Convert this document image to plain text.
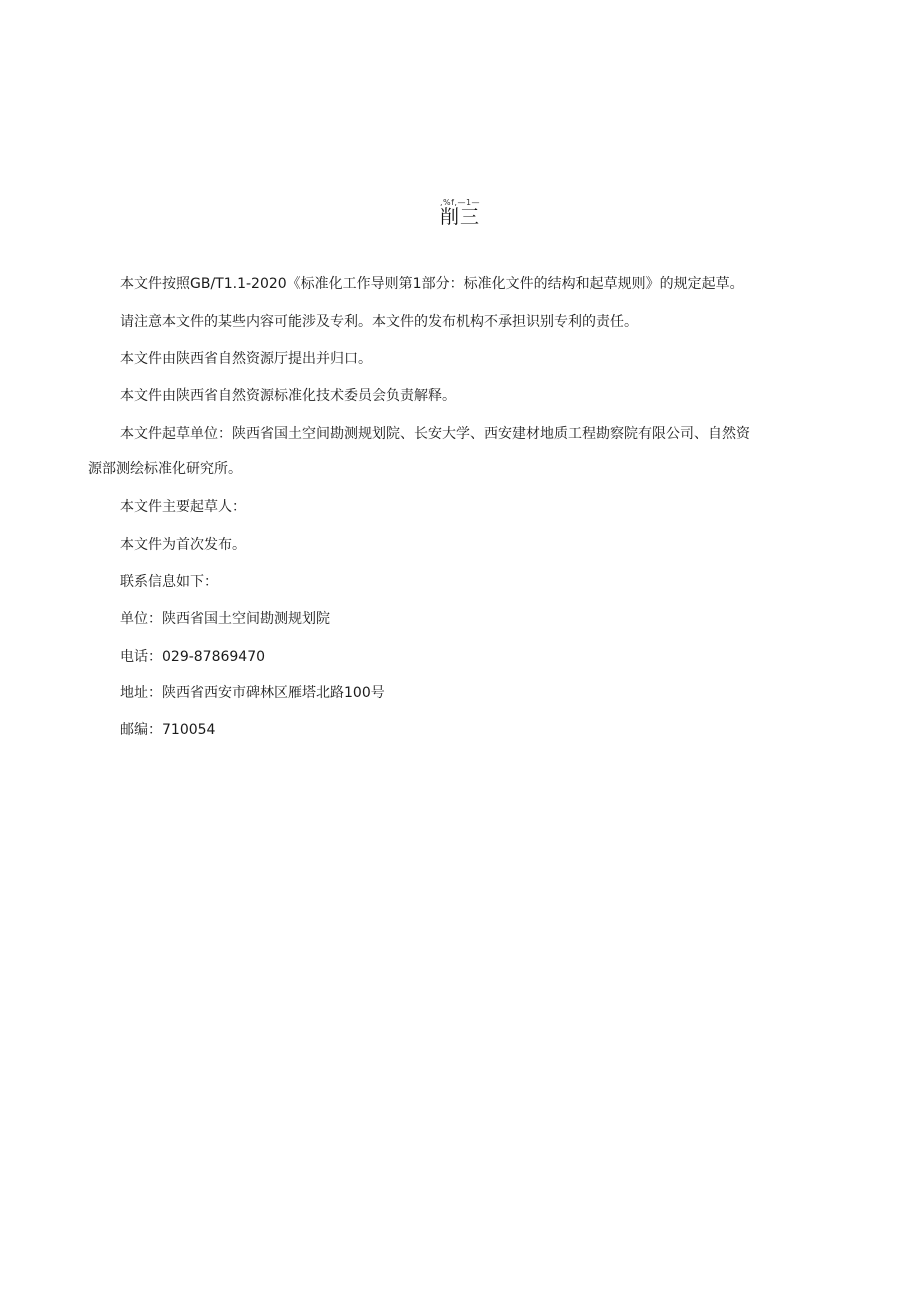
,%f,—1—
削三
本文件按照GB/T1.1-2020《标准化工作导则第1部分：标准化文件的结构和起草规则》的规定起草。
请注意本文件的某些内容可能涉及专利。本文件的发布机构不承担识别专利的责任。
本文件由陕西省自然资源厅提出并归口。
本文件由陕西省自然资源标准化技术委员会负责解释。
本文件起草单位：陕西省国土空间勘测规划院、长安大学、西安建材地质工程勘察院有限公司、自然资
源部测绘标准化研究所。
本文件主要起草人：
本文件为首次发布。
联系信息如下：
单位：陕西省国土空间勘测规划院
电话：029-87869470
地址：陕西省西安市碑林区雁塔北路100号
邮编：710054
